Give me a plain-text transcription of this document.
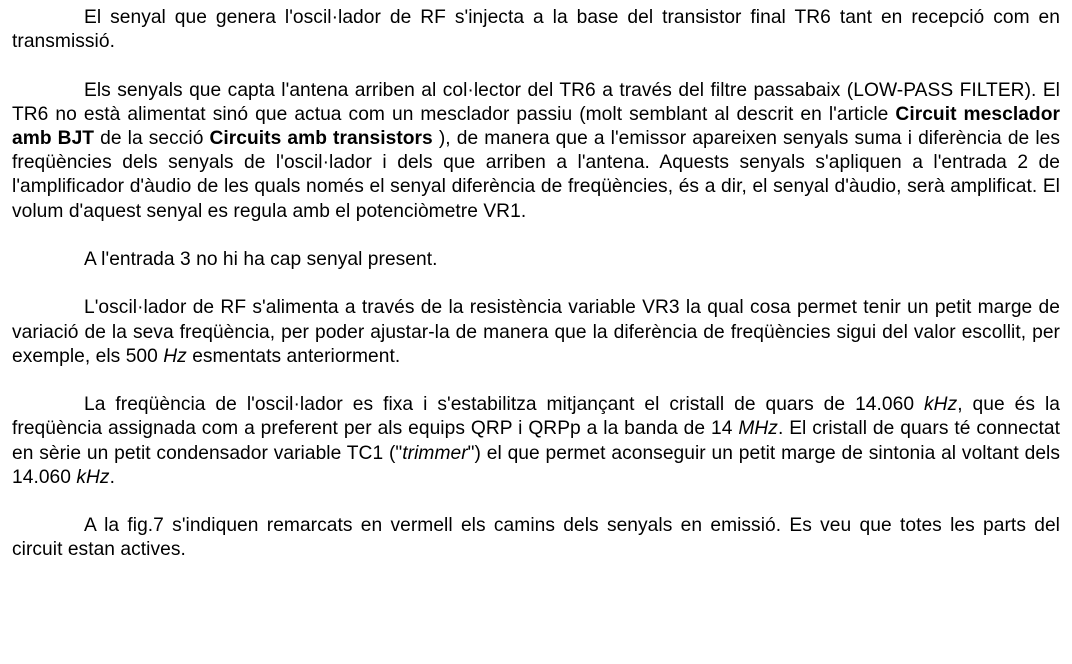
El senyal que genera l'oscil·lador de RF s'injecta a la base del transistor final TR6 tant en recepció com en transmissió.

Els senyals que capta l'antena arriben al col·lector del TR6 a través del filtre passabaix (LOW-PASS FILTER). El TR6 no està alimentat sinó que actua com un mesclador passiu (molt semblant al descrit en l'article Circuit mesclador amb BJT de la secció Circuits amb transistors ), de manera que a l'emissor apareixen senyals suma i diferència de les freqüències dels senyals de l'oscil·lador i dels que arriben a l'antena. Aquests senyals s'apliquen a l'entrada 2 de l'amplificador d'àudio de les quals només el senyal diferència de freqüències, és a dir, el senyal d'àudio, serà amplificat. El volum d'aquest senyal es regula amb el potenciòmetre VR1.

A l'entrada 3 no hi ha cap senyal present.

L'oscil·lador de RF s'alimenta a través de la resistència variable VR3 la qual cosa permet tenir un petit marge de variació de la seva freqüència, per poder ajustar-la de manera que la diferència de freqüències sigui del valor escollit, per exemple, els 500 Hz esmentats anteriorment.

La freqüència de l'oscil·lador es fixa i s'estabilitza mitjançant el cristall de quars de 14.060 kHz, que és la freqüència assignada com a preferent per als equips QRP i QRPp a la banda de 14 MHz. El cristall de quars té connectat en sèrie un petit condensador variable TC1 ("trimmer") el que permet aconseguir un petit marge de sintonia al voltant dels 14.060 kHz.

A la fig.7 s'indiquen remarcats en vermell els camins dels senyals en emissió. Es veu que totes les parts del circuit estan actives.
